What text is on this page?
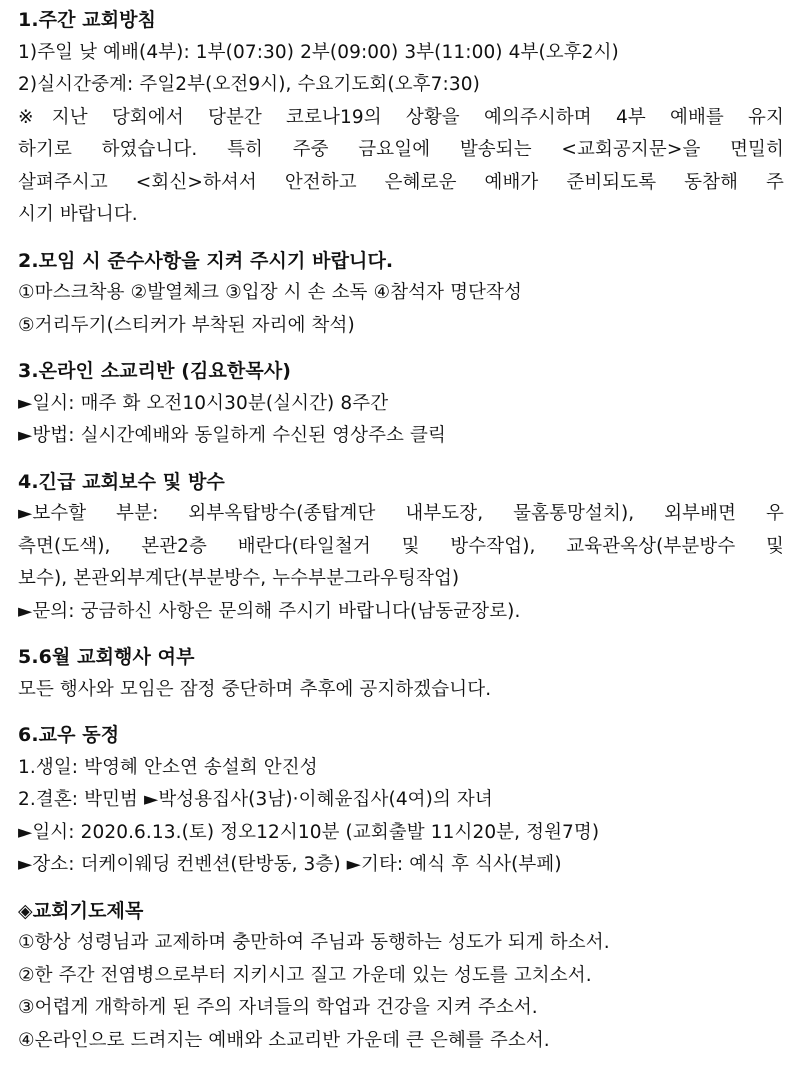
1.주간 교회방침
1)주일 낮 예배(4부): 1부(07:30) 2부(09:00) 3부(11:00) 4부(오후2시)
2)실시간중계: 주일2부(오전9시), 수요기도회(오후7:30)
※지난 당회에서 당분간 코로나19의 상황을 예의주시하며 4부 예배를 유지
하기로 하였습니다. 특히 주중 금요일에 발송되는 <교회공지문>을 면밀히
살펴주시고 <회신>하셔서 안전하고 은혜로운 예배가 준비되도록 동참해 주
시기 바랍니다.
2.모임 시 준수사항을 지켜 주시기 바랍니다.
①마스크착용 ②발열체크 ③입장 시 손 소독 ④참석자 명단작성
⑤거리두기(스티커가 부착된 자리에 착석)
3.온라인 소교리반 (김요한목사)
►일시: 매주 화 오전10시30분(실시간) 8주간
►방법: 실시간예배와 동일하게 수신된 영상주소 클릭
4.긴급 교회보수 및 방수
►보수할 부분: 외부옥탑방수(종탑계단 내부도장, 물홈통망설치), 외부배면 우
측면(도색), 본관2층 배란다(타일철거 및 방수작업), 교육관옥상(부분방수 및
보수), 본관외부계단(부분방수, 누수부분그라우팅작업)
►문의: 궁금하신 사항은 문의해 주시기 바랍니다(남동균장로).
5.6월 교회행사 여부
모든 행사와 모임은 잠정 중단하며 추후에 공지하겠습니다.
6.교우 동정
1.생일: 박영혜 안소연 송설희 안진성
2.결혼: 박민범 ►박성용집사(3남)·이혜윤집사(4여)의 자녀
►일시: 2020.6.13.(토) 정오12시10분 (교회출발 11시20분, 정원7명)
►장소: 더케이웨딩 컨벤션(탄방동, 3층) ►기타: 예식 후 식사(부페)
◈교회기도제목
①항상 성령님과 교제하며 충만하여 주님과 동행하는 성도가 되게 하소서.
②한 주간 전염병으로부터 지키시고 질고 가운데 있는 성도를 고치소서.
③어렵게 개학하게 된 주의 자녀들의 학업과 건강을 지켜 주소서.
④온라인으로 드려지는 예배와 소교리반 가운데 큰 은혜를 주소서.
